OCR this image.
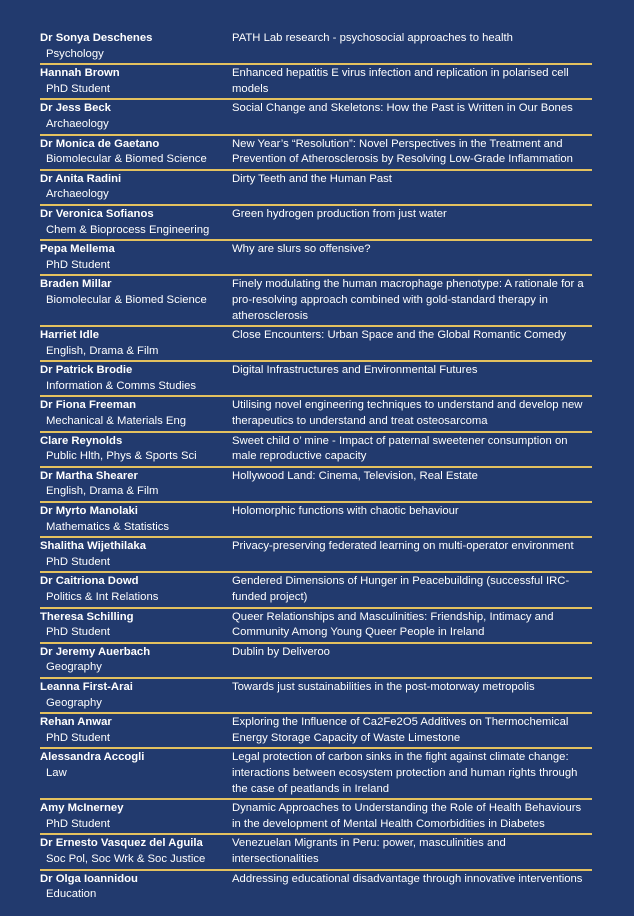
Dr Sonya Deschenes
Psychology
PATH Lab research - psychosocial approaches to health
Hannah Brown
PhD Student
Enhanced hepatitis E virus infection and replication in polarised cell models
Dr Jess Beck
Archaeology
Social Change and Skeletons: How the Past is Written in Our Bones
Dr Monica de Gaetano
Biomolecular & Biomed Science
New Year’s “Resolution”: Novel Perspectives in the Treatment and Prevention of Atherosclerosis by Resolving Low-Grade Inflammation
Dr Anita Radini
Archaeology
Dirty Teeth and the Human Past
Dr Veronica Sofianos
Chem & Bioprocess Engineering
Green hydrogen production from just water
Pepa Mellema
PhD Student
Why are slurs so offensive?
Braden Millar
Biomolecular & Biomed Science
Finely modulating the human macrophage phenotype: A rationale for a pro-resolving approach combined with gold-standard therapy in atherosclerosis
Harriet Idle
English, Drama & Film
Close Encounters: Urban Space and the Global Romantic Comedy
Dr Patrick Brodie
Information & Comms Studies
Digital Infrastructures and Environmental Futures
Dr Fiona Freeman
Mechanical & Materials Eng
Utilising novel engineering techniques to understand and develop new therapeutics to understand and treat osteosarcoma
Clare Reynolds
Public Hlth, Phys & Sports Sci
Sweet child o’ mine - Impact of paternal sweetener consumption on male reproductive capacity
Dr Martha Shearer
English, Drama & Film
Hollywood Land: Cinema, Television, Real Estate
Dr Myrto Manolaki
Mathematics & Statistics
Holomorphic functions with chaotic behaviour
Shalitha Wijethilaka
PhD Student
Privacy-preserving federated learning on multi-operator environment
Dr Caitriona Dowd
Politics & Int Relations
Gendered Dimensions of Hunger in Peacebuilding (successful IRC-funded project)
Theresa Schilling
PhD Student
Queer Relationships and Masculinities: Friendship, Intimacy and Community Among Young Queer People in Ireland
Dr Jeremy Auerbach
Geography
Dublin by Deliveroo
Leanna First-Arai
Geography
Towards just sustainabilities in the post-motorway metropolis
Rehan Anwar
PhD Student
Exploring the Influence of Ca2Fe2O5 Additives on Thermochemical Energy Storage Capacity of Waste Limestone
Alessandra Accogli
Law
Legal protection of carbon sinks in the fight against climate change: interactions between ecosystem protection and human rights through the case of peatlands in Ireland
Amy McInerney
PhD Student
Dynamic Approaches to Understanding the Role of Health Behaviours in the development of Mental Health Comorbidities in Diabetes
Dr Ernesto Vasquez del Aguila
Soc Pol, Soc Wrk & Soc Justice
Venezuelan Migrants in Peru: power, masculinities and intersectionalities
Dr Olga Ioannidou
Education
Addressing educational disadvantage through innovative interventions
